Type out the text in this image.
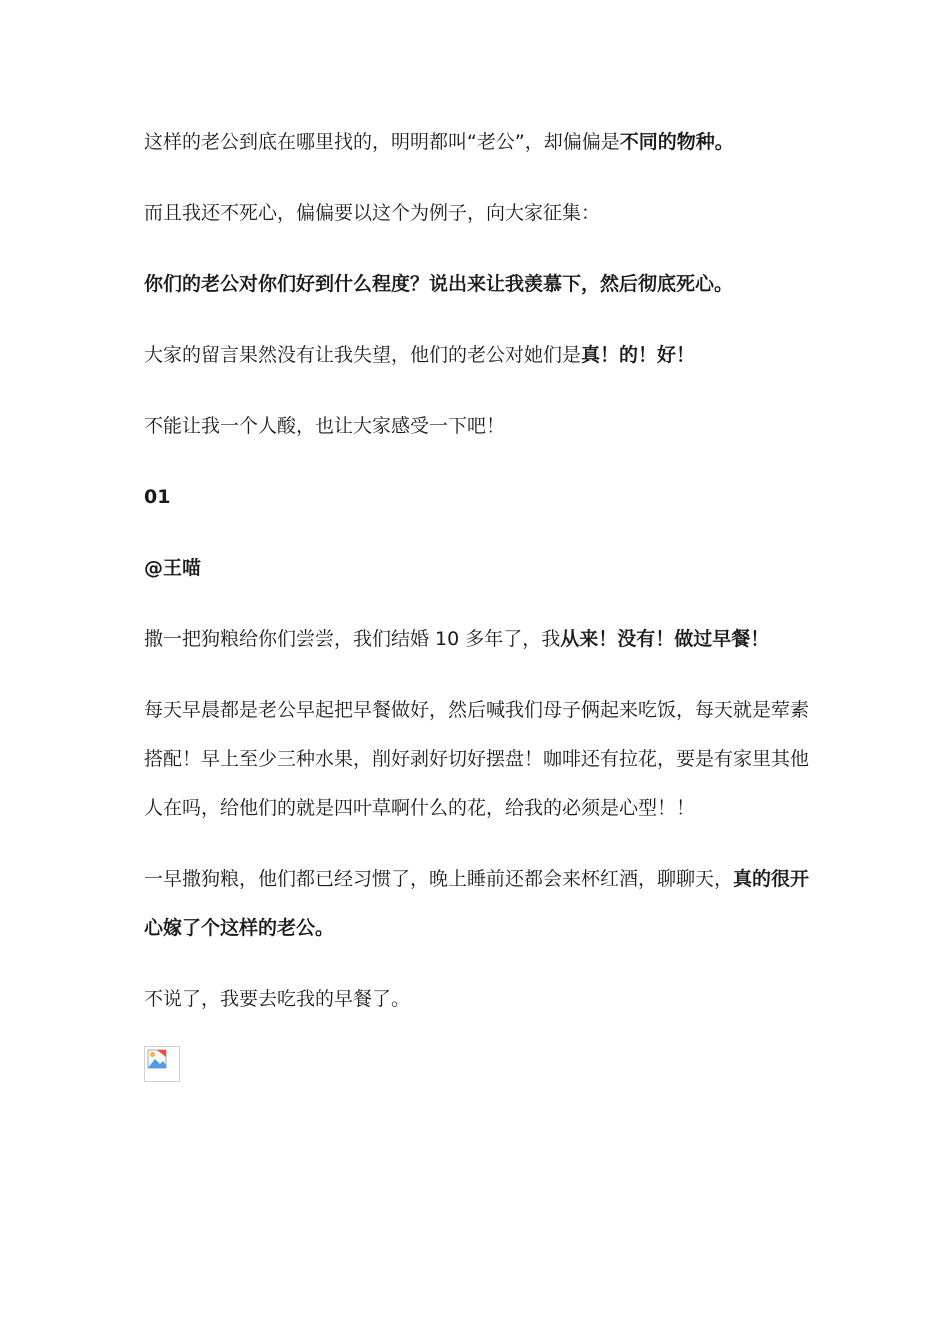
这样的老公到底在哪里找的，明明都叫“老公”，却偏偏是不同的物种。

而且我还不死心，偏偏要以这个为例子，向大家征集：

你们的老公对你们好到什么程度？说出来让我羡慕下，然后彻底死心。

大家的留言果然没有让我失望，他们的老公对她们是真！的！好！

不能让我一个人酸，也让大家感受一下吧！

01

@王喵

撒一把狗粮给你们尝尝，我们结婚 10 多年了，我从来！没有！做过早餐！

每天早晨都是老公早起把早餐做好，然后喊我们母子俩起来吃饭，每天就是荤素搭配！早上至少三种水果，削好剥好切好摆盘！咖啡还有拉花，要是有家里其他人在吗，给他们的就是四叶草啊什么的花，给我的必须是心型！！

一早撒狗粮，他们都已经习惯了，晚上睡前还都会来杯红酒，聊聊天，真的很开心嫁了个这样的老公。

不说了，我要去吃我的早餐了。
